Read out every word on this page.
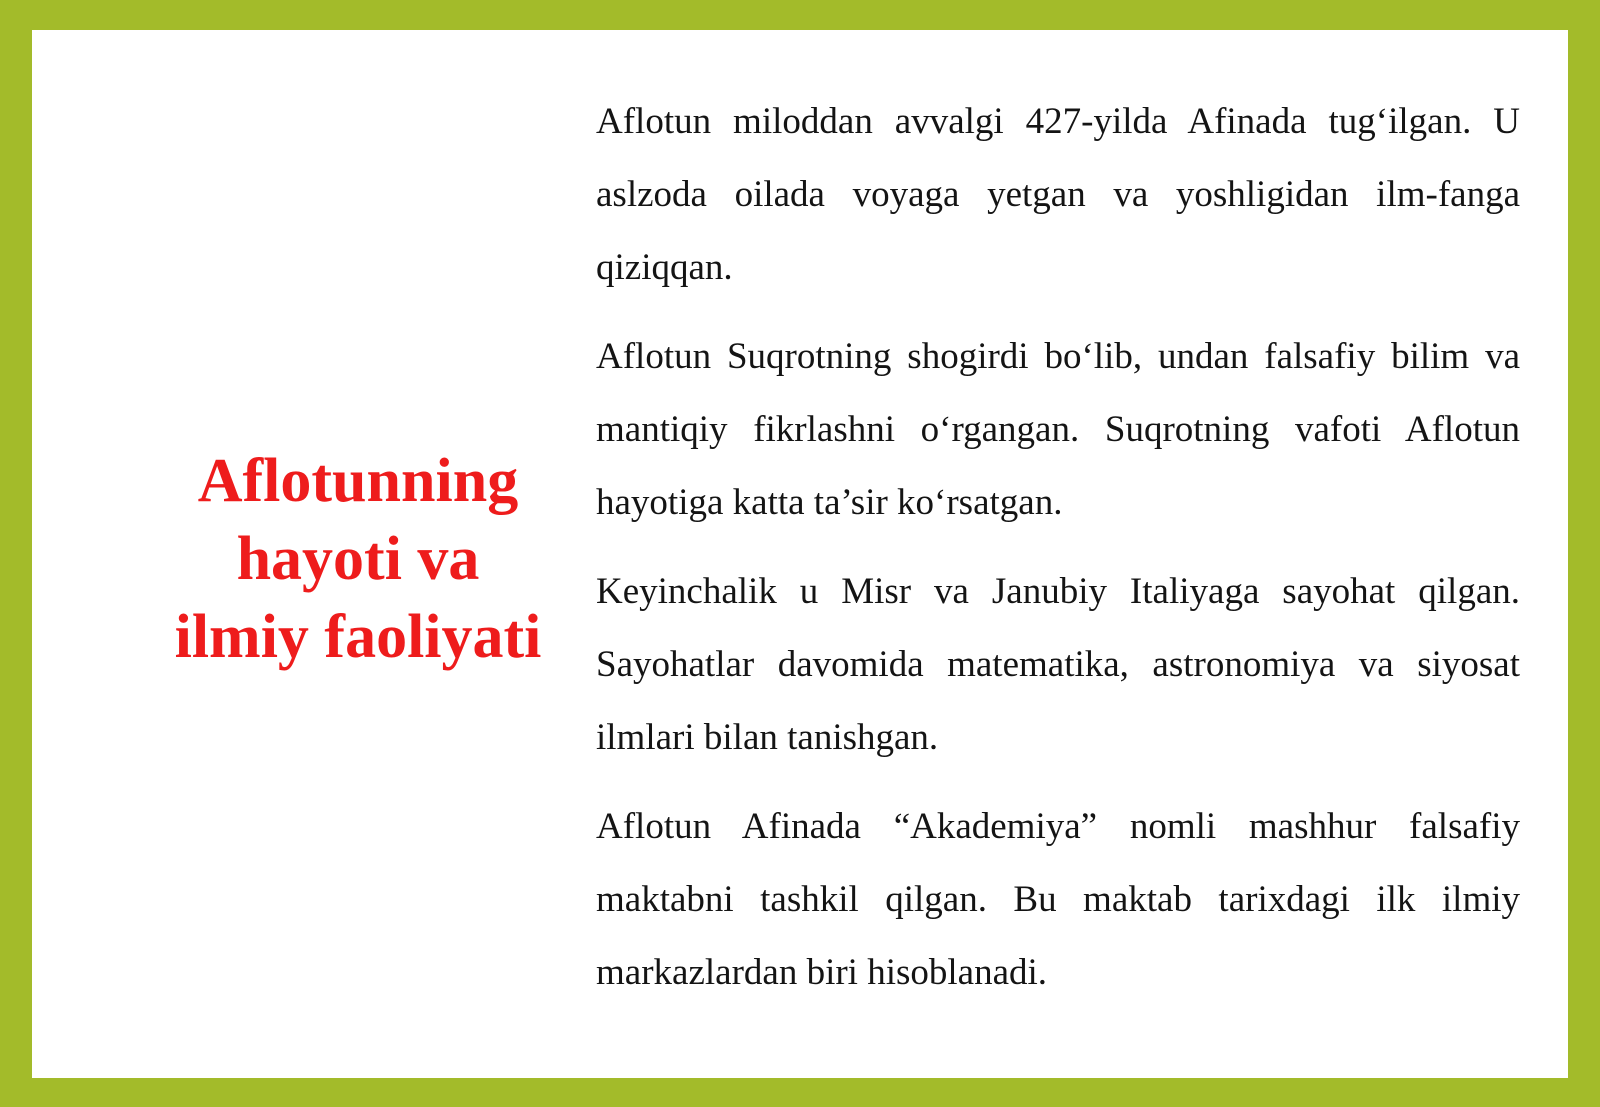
Aflotunning
hayoti va
ilmiy faoliyati

Aflotun miloddan avvalgi 427-yilda Afinada tug‘ilgan. U aslzoda oilada voyaga yetgan va yoshligidan ilm-fanga qiziqqan.

Aflotun Suqrotning shogirdi bo‘lib, undan falsafiy bilim va mantiqiy fikrlashni o‘rgangan. Suqrotning vafoti Aflotun hayotiga katta ta’sir ko‘rsatgan.

Keyinchalik u Misr va Janubiy Italiyaga sayohat qilgan. Sayohatlar davomida matematika, astronomiya va siyosat ilmlari bilan tanishgan.

Aflotun Afinada “Akademiya” nomli mashhur falsafiy maktabni tashkil qilgan. Bu maktab tarixdagi ilk ilmiy markazlardan biri hisoblanadi.
